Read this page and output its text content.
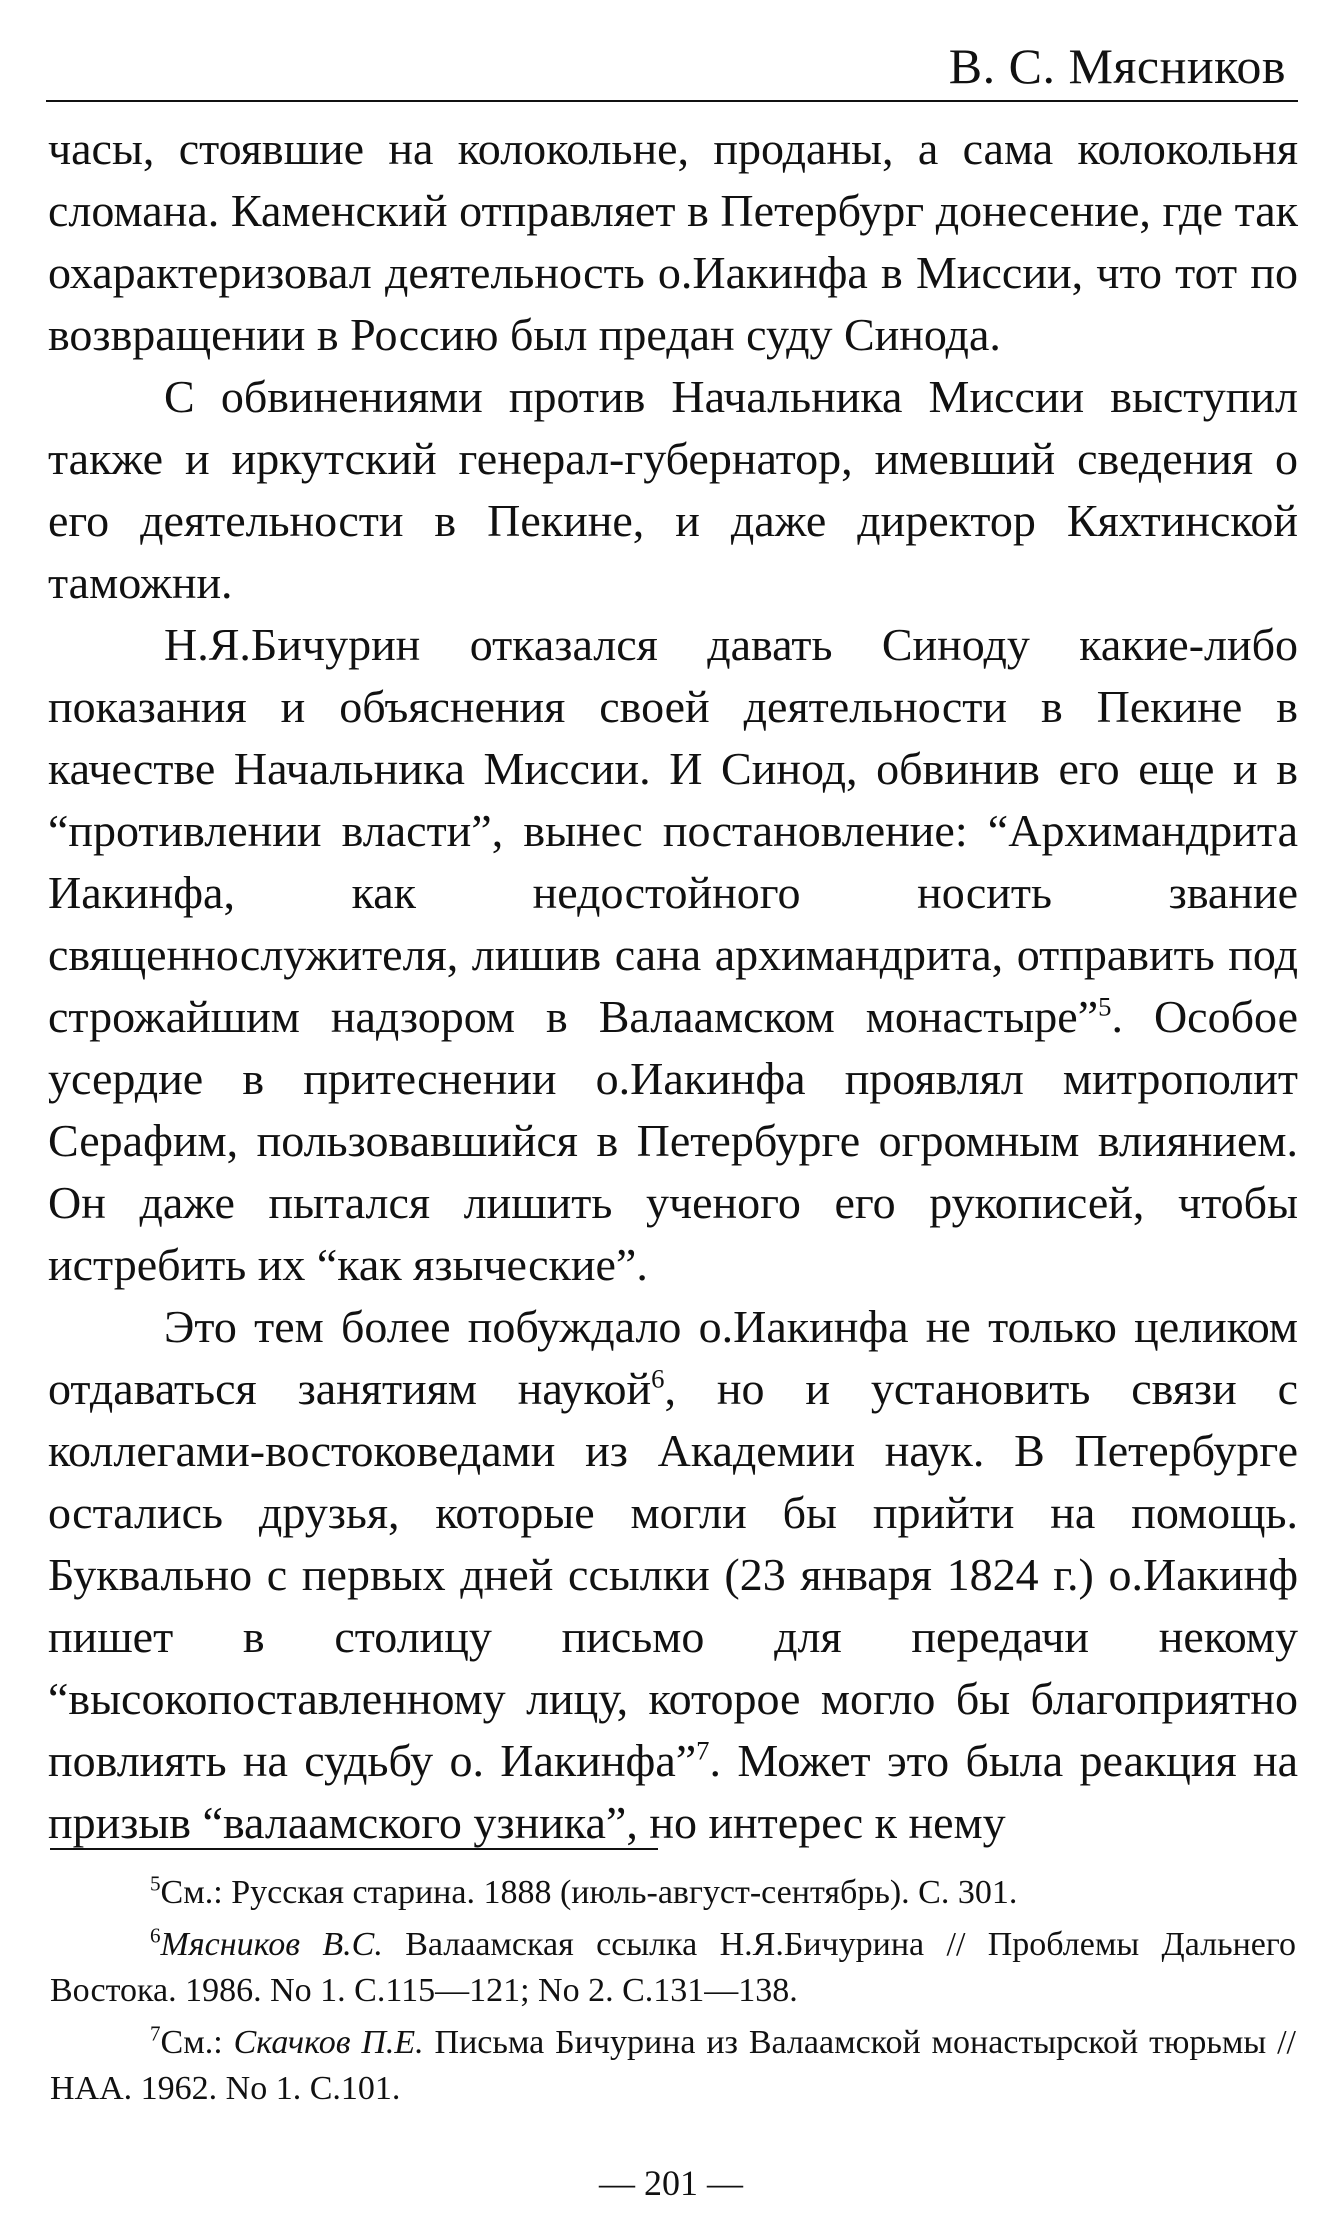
В. С. Мясников

часы, стоявшие на колокольне, проданы, а сама колокольня сломана. Каменский отправляет в Петербург донесение, где так охарактеризовал деятельность о.Иакинфа в Миссии, что тот по возвращении в Россию был предан суду Синода.

С обвинениями против Начальника Миссии выступил также и иркутский генерал-губернатор, имевший сведения о его деятельности в Пекине, и даже директор Кяхтинской таможни.

Н.Я.Бичурин отказался давать Синоду какие-либо показания и объяснения своей деятельности в Пекине в качестве Начальника Миссии. И Синод, обвинив его еще и в “противлении власти”, вынес постановление: “Архимандрита Иакинфа, как недостойного носить звание священнослужителя, лишив сана архимандрита, отправить под строжайшим надзором в Валаамском монастыре”$^5$. Особое усердие в притеснении о.Иакинфа проявлял митрополит Серафим, пользовавшийся в Петербурге огромным влиянием. Он даже пытался лишить ученого его рукописей, чтобы истребить их “как языческие”.

Это тем более побуждало о.Иакинфа не только целиком отдаваться занятиям наукой$^6$, но и установить связи с коллегами-востоковедами из Академии наук. В Петербурге остались друзья, которые могли бы прийти на помощь. Буквально с первых дней ссылки (23 января 1824 г.) о.Иакинф пишет в столицу письмо для передачи некому “высокопоставленному лицу, которое могло бы благоприятно повлиять на судьбу о. Иакинфа”$^7$. Может это была реакция на призыв “валаамского узника”, но интерес к нему

$^5$См.: Русская старина. 1888 (июль-август-сентябрь). С. 301.

$^6$Мясников В.С. Валаамская ссылка Н.Я.Бичурина // Проблемы Дальнего Востока. 1986. No 1. С.115—121; No 2. С.131—138.

$^7$См.: Скачков П.Е. Письма Бичурина из Валаамской монастырской тюрьмы // НАА. 1962. No 1. С.101.

— 201 —
